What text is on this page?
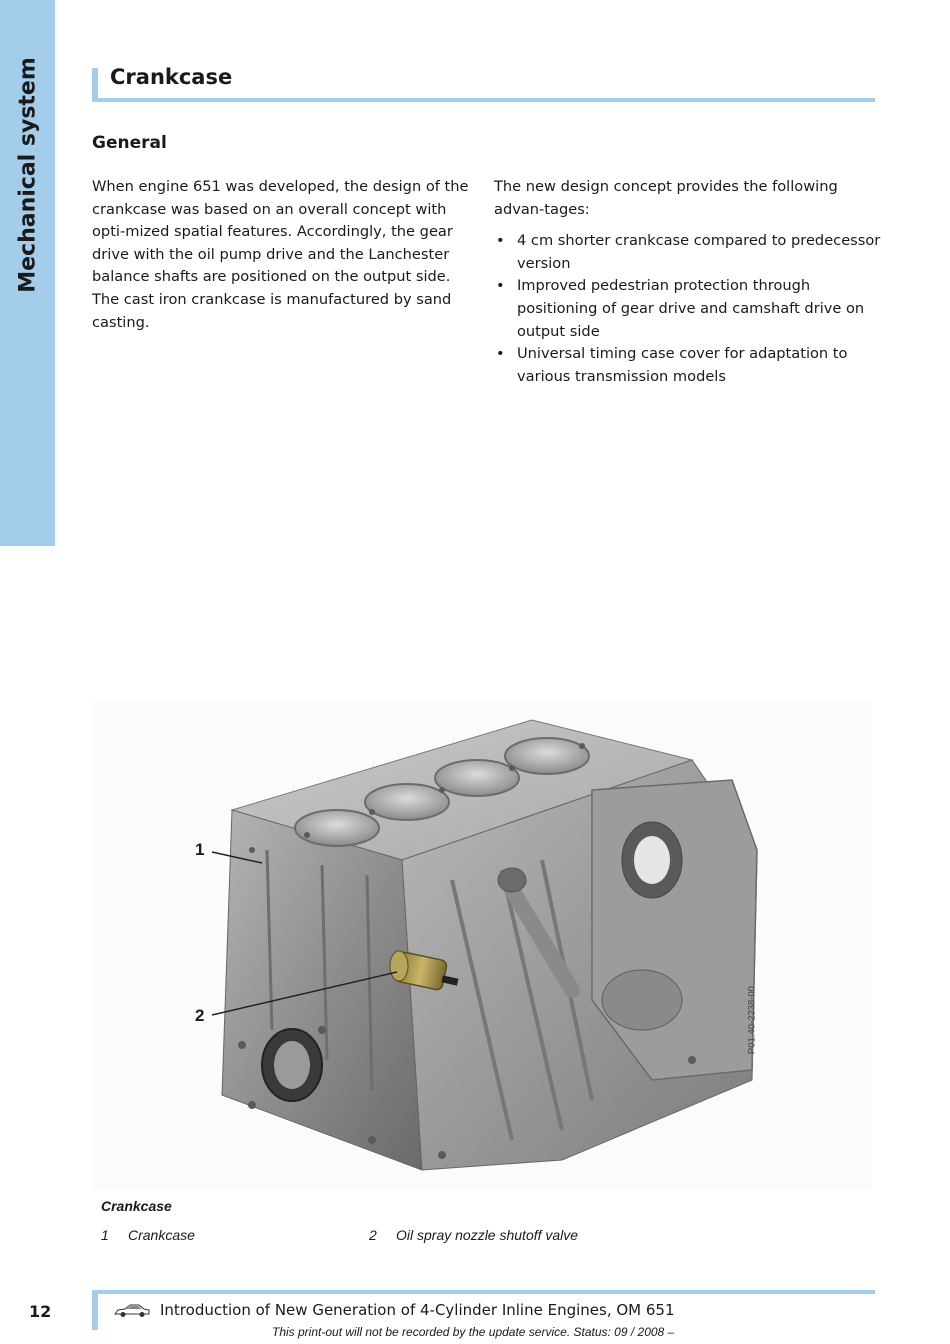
Mechanical system	Crankcase
General

When engine 651 was developed, the design of the crankcase was based on an overall concept with opti-mized spatial features. Accordingly, the gear drive with the oil pump drive and the Lanchester balance shafts are positioned on the output side. The cast iron crankcase is manufactured by sand casting.

The new design concept provides the following advan-tages:

• 4 cm shorter crankcase compared to predecessor version
• Improved pedestrian protection through positioning of gear drive and camshaft drive on output side
• Universal timing case cover for adaptation to various transmission models
1
2	P01.40-2238-00
Crankcase
1 Crankcase	2 Oil spray nozzle shutoff valve
12	Introduction of New Generation of 4-Cylinder Inline Engines, OM 651
This print-out will not be recorded by the update service. Status: 09 / 2008 –
